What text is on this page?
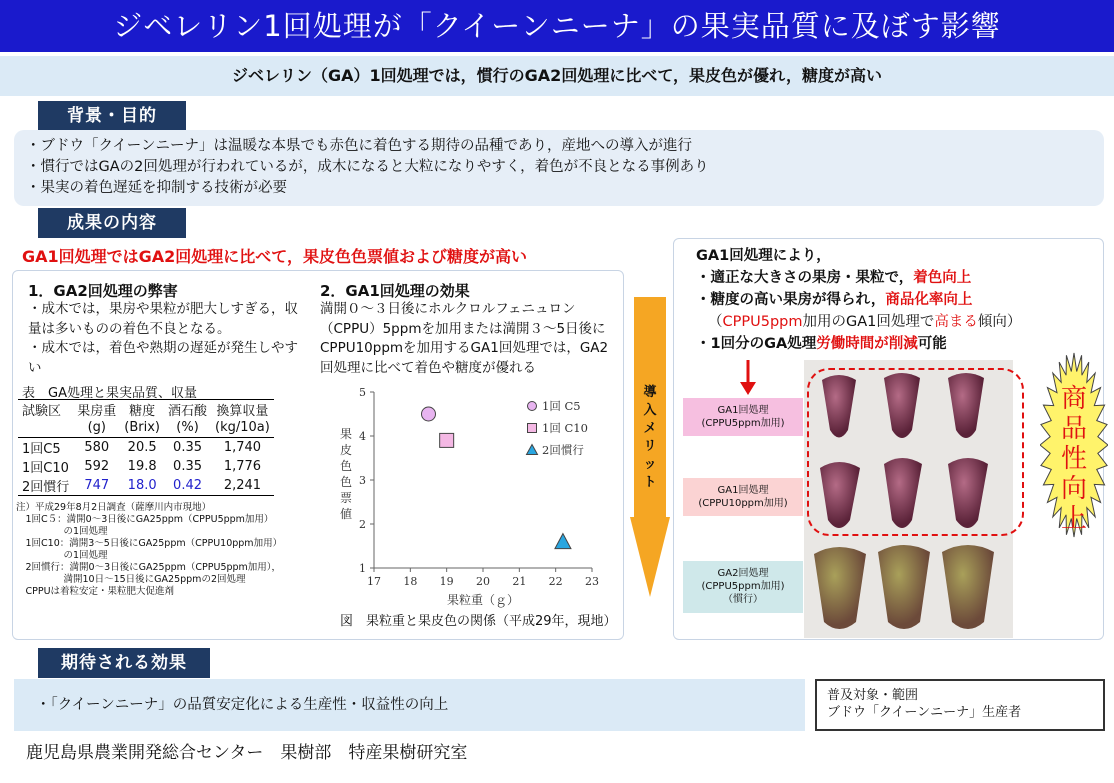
ジベレリン1回処理が「クイーンニーナ」の果実品質に及ぼす影響
ジベレリン（GA）1回処理では，慣行のGA2回処理に比べて，果皮色が優れ，糖度が高い
背景・目的
・ブドウ「クイーンニーナ」は温暖な本県でも赤色に着色する期待の品種であり，産地への導入が進行
・慣行ではGAの2回処理が行われているが，成木になると大粒になりやすく，着色が不良となる事例あり
・果実の着色遅延を抑制する技術が必要
成果の内容
GA1回処理ではGA2回処理に比べて，果皮色色票値および糖度が高い
1．GA2回処理の弊害
・成木では，果房や果粒が肥大しすぎる，収量は多いものの着色不良となる。
・成木では，着色や熟期の遅延が発生しやすい
表　GA処理と果実品質、収量
試験区	果房重	糖度	酒石酸	換算収量
	(g)	(Brix)	(%)	(kg/10a)
1回C5	580	20.5	0.35	1,740
1回C10	592	19.8	0.35	1,776
2回慣行	747	18.0	0.42	2,241
注）平成29年8月2日調査（薩摩川内市現地）
　1回C５：満開0～3日後にGA25ppm（CPPU5ppm加用）
　　　　　の1回処理
　1回C10：満開3～5日後にGA25ppm（CPPU10ppm加用）
　　　　　の1回処理
　2回慣行：満開0～3日後にGA25ppm（CPPU5ppm加用），
　　　　　満開10日～15日後にGA25ppmの2回処理
　CPPUは着粒安定・果粒肥大促進剤
2．GA1回処理の効果
満開０～３日後にホルクロルフェニュロン（CPPU）5ppmを加用または満開３～5日後にCPPU10ppmを加用するGA1回処理では，GA2回処理に比べて着色や糖度が優れる
17 18 19 20 21 22 23
1
2
3
4
5
果粒重（ｇ）
果皮色色票値
1回 C5
1回 C10
2回慣行
図　果粒重と果皮色の関係（平成29年，現地）
導入メリット
GA1回処理により，
・適正な大きさの果房・果粒で，着色向上
・糖度の高い果房が得られ，商品化率向上
（CPPU5ppm加用のGA1回処理で高まる傾向）
・1回分のGA処理労働時間が削減可能
GA1回処理
(CPPU5ppm加用)
GA1回処理
(CPPU10ppm加用)
GA2回処理
(CPPU5ppm加用)
（慣行）
商品性向上
期待される効果
・「クイーンニーナ」の品質安定化による生産性・収益性の向上
普及対象・範囲
ブドウ「クイーンニーナ」生産者
鹿児島県農業開発総合センター　果樹部　特産果樹研究室
